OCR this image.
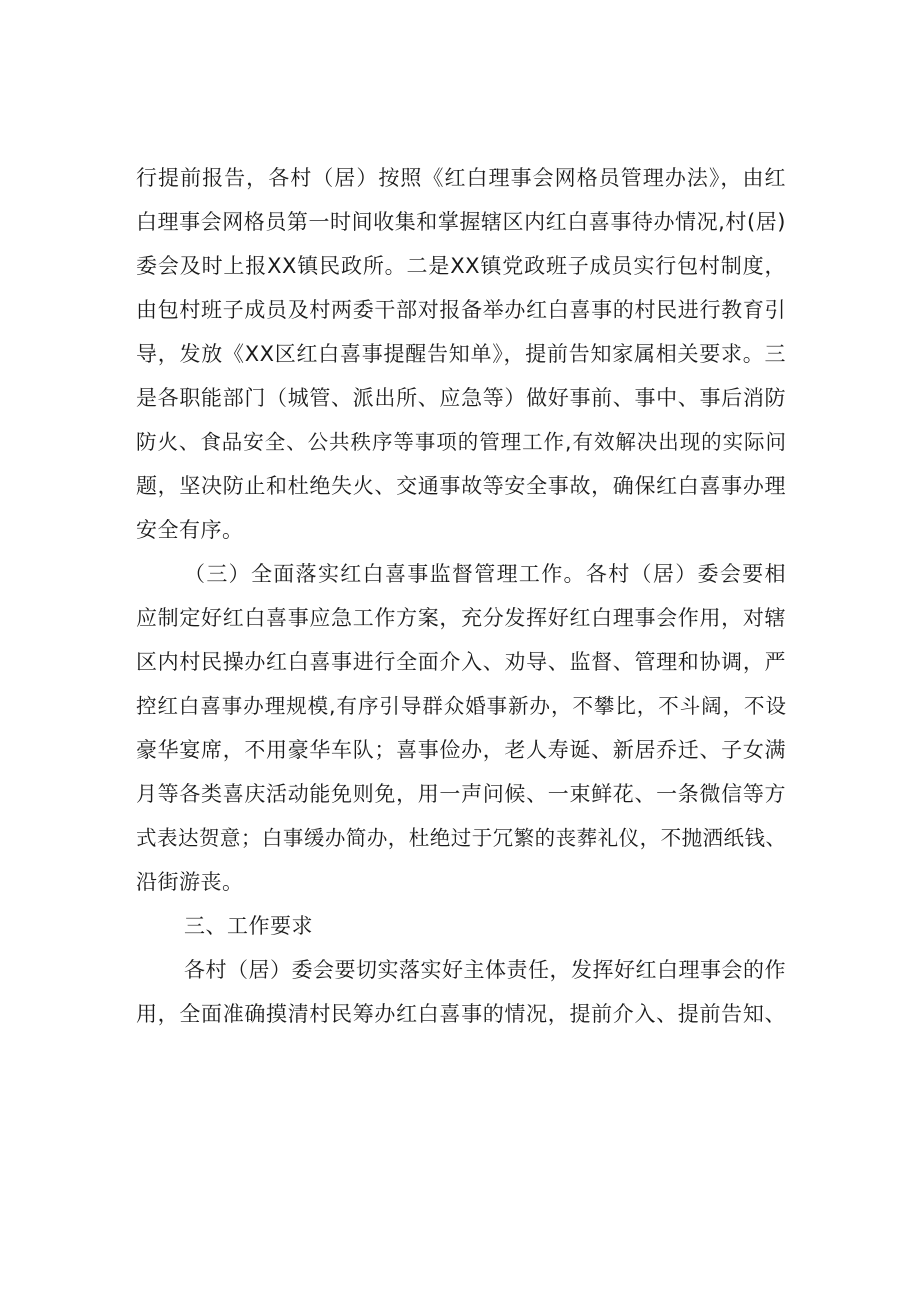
行提前报告，各村（居）按照《红白理事会网格员管理办法》，由红
白理事会网格员第一时间收集和掌握辖区内红白喜事待办情况,村(居)
委会及时上报XX镇民政所。二是XX镇党政班子成员实行包村制度，
由包村班子成员及村两委干部对报备举办红白喜事的村民进行教育引
导，发放《XX区红白喜事提醒告知单》，提前告知家属相关要求。三
是各职能部门（城管、派出所、应急等）做好事前、事中、事后消防
防火、食品安全、公共秩序等事项的管理工作,有效解决出现的实际问
题，坚决防止和杜绝失火、交通事故等安全事故，确保红白喜事办理
安全有序。
（三）全面落实红白喜事监督管理工作。各村（居）委会要相
应制定好红白喜事应急工作方案，充分发挥好红白理事会作用，对辖
区内村民操办红白喜事进行全面介入、劝导、监督、管理和协调，严
控红白喜事办理规模,有序引导群众婚事新办，不攀比，不斗阔，不设
豪华宴席，不用豪华车队；喜事俭办，老人寿诞、新居乔迁、子女满
月等各类喜庆活动能免则免，用一声问候、一束鲜花、一条微信等方
式表达贺意；白事缓办简办，杜绝过于冗繁的丧葬礼仪，不抛洒纸钱、
沿街游丧。
三、工作要求
各村（居）委会要切实落实好主体责任，发挥好红白理事会的作
用，全面准确摸清村民筹办红白喜事的情况，提前介入、提前告知、
